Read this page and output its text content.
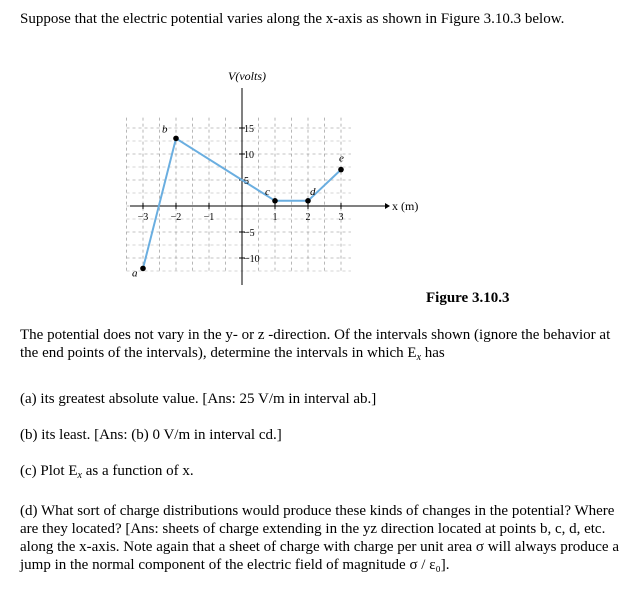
Suppose that the electric potential varies along the x-axis as shown in Figure 3.10.3 below.
−3 −2 −1	1	2	3
15
10
5
−5
−10
V(volts)
x (m)
a
b
c	d
e
Figure 3.10.3
The potential does not vary in the y- or z -direction. Of the intervals shown (ignore the behavior at the end points of the intervals), determine the intervals in which $E_x$ has
(a) its greatest absolute value. [Ans: 25 V/m in interval ab.]
(b) its least. [Ans: (b) 0 V/m in interval cd.]
(c) Plot $E_x$ as a function of x.
(d) What sort of charge distributions would produce these kinds of changes in the potential? Where are they located? [Ans: sheets of charge extending in the yz direction located at points b, c, d, etc. along the x-axis. Note again that a sheet of charge with charge per unit area σ will always produce a jump in the normal component of the electric field of magnitude σ / ε₀].
